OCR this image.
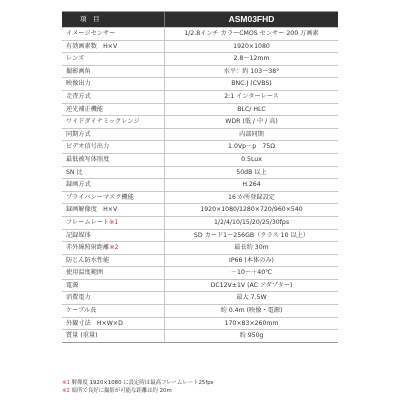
項　目	ASM03FHD
イメージセンサー	1/2.8インチ カラーCMOS センサー 200 万画素
有効画素数　H×V	1920×1080
レンズ	2.8～12mm
撮影画角	水平：約 103～38°
映像出力	BNC.J (CVBS)
走査方式	2:1 インターレース
逆光補正機能	BLC/ HLC
ワイドダイナミックレンジ	WDR (低 / 中 / 高)
同期方式	内部同期
ビデオ信号出力	1.0Vp－p　75Ω
最低被写体照度	0.5Lux
SN 比	50dB 以上
録画方式	H.264
プライバシーマスク機能	16 か所登録設定
録画解像度　H×V	1920×1080/1280×720/960×540
フレームレート※1	1/2/4/10/15/20/25/30fps
記録媒体	SD カード1～256GB（クラス 10 以上）
赤外線照射距離※2	最長約 30m
防じん防水性能	IP66 (本体のみ)
使用温度範囲	－10～＋40℃
電源	DC12V±1V (AC アダプター)
消費電力	最大 7.5W
ケーブル長	約 0.4m (映像・電源)
外観寸法　H×W×D	170×83×260mm
質量 (重量)	約 950g
※1 解像度 1920×1080 に設定時は最高フレームレート25fps
※2 暗所で良好に撮影が可能な距離は約 20m
